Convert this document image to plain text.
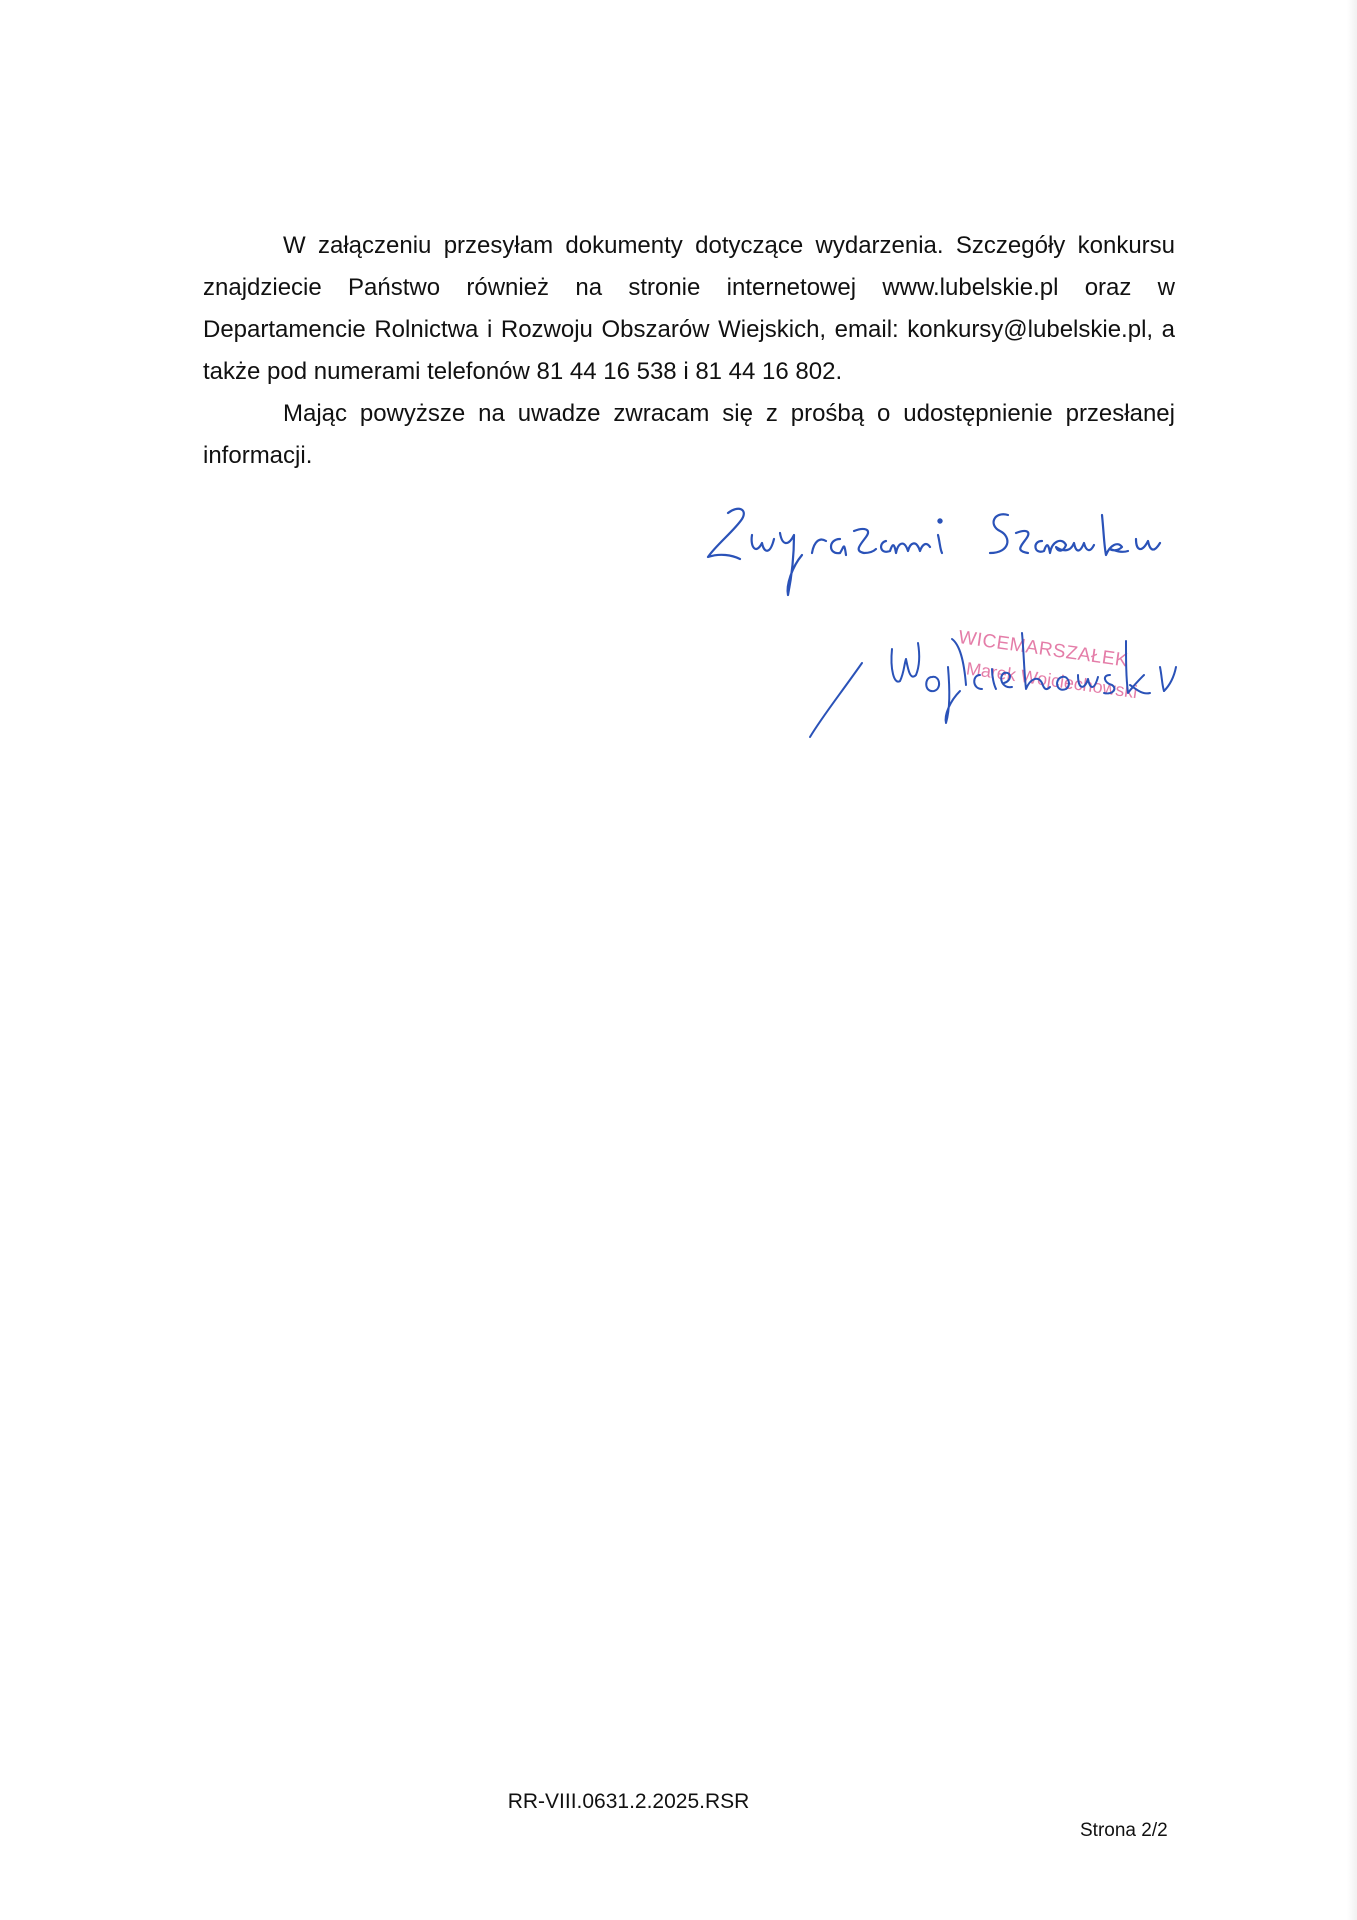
W załączeniu przesyłam dokumenty dotyczące wydarzenia. Szczegóły konkursu znajdziecie Państwo również na stronie internetowej www.lubelskie.pl oraz w Departamencie Rolnictwa i Rozwoju Obszarów Wiejskich, email: konkursy@lubelskie.pl, a także pod numerami telefonów 81 44 16 538 i 81 44 16 802.

Mając powyższe na uwadze zwracam się z prośbą o udostępnienie przesłanej informacji.

WICEMARSZAŁEK
Marek Wojciechowski
RR-VIII.0631.2.2025.RSR
Strona 2/2
